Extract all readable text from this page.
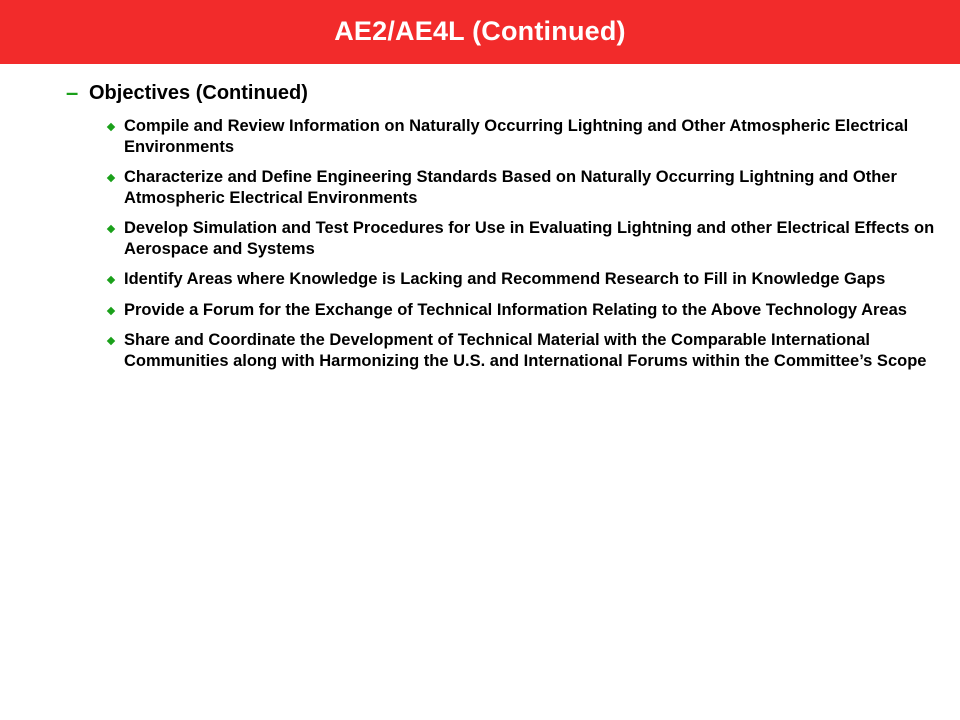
AE2/AE4L (Continued)
– Objectives (Continued)
Compile and Review Information on Naturally Occurring Lightning and Other Atmospheric Electrical Environments
Characterize and Define Engineering Standards Based on Naturally Occurring Lightning and Other Atmospheric Electrical Environments
Develop Simulation and Test Procedures for Use in Evaluating Lightning and other Electrical Effects on Aerospace and Systems
Identify Areas where Knowledge is Lacking and Recommend Research to Fill in Knowledge Gaps
Provide a Forum for the Exchange of Technical Information Relating to the Above Technology Areas
Share and Coordinate the Development of Technical Material with the Comparable International Communities along with Harmonizing the U.S. and International Forums within the Committee’s Scope
